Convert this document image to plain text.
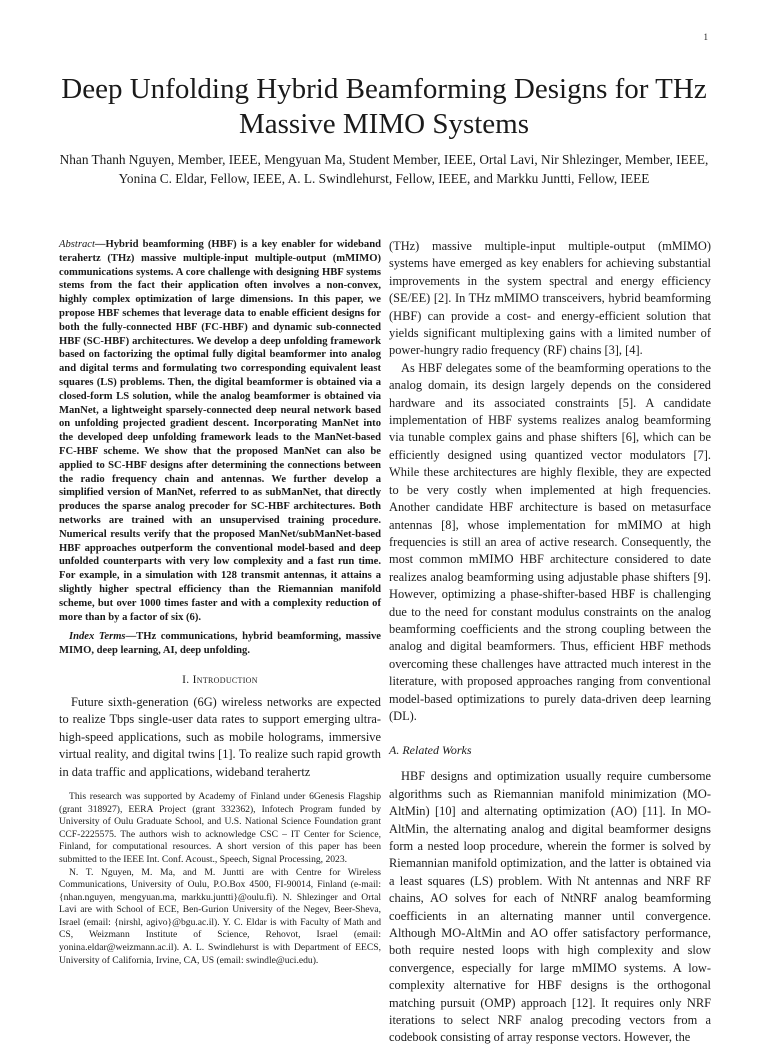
1
Deep Unfolding Hybrid Beamforming Designs for THz Massive MIMO Systems
Nhan Thanh Nguyen, Member, IEEE, Mengyuan Ma, Student Member, IEEE, Ortal Lavi, Nir Shlezinger, Member, IEEE, Yonina C. Eldar, Fellow, IEEE, A. L. Swindlehurst, Fellow, IEEE, and Markku Juntti, Fellow, IEEE

Abstract—Hybrid beamforming (HBF) is a key enabler for wideband terahertz (THz) massive multiple-input multiple-output (mMIMO) communications systems. A core challenge with designing HBF systems stems from the fact their application often involves a non-convex, highly complex optimization of large dimensions. In this paper, we propose HBF schemes that leverage data to enable efficient designs for both the fully-connected HBF (FC-HBF) and dynamic sub-connected HBF (SC-HBF) architectures. We develop a deep unfolding framework based on factorizing the optimal fully digital beamformer into analog and digital terms and formulating two corresponding equivalent least squares (LS) problems. Then, the digital beamformer is obtained via a closed-form LS solution, while the analog beamformer is obtained via ManNet, a lightweight sparsely-connected deep neural network based on unfolding projected gradient descent. Incorporating ManNet into the developed deep unfolding framework leads to the ManNet-based FC-HBF scheme. We show that the proposed ManNet can also be applied to SC-HBF designs after determining the connections between the radio frequency chain and antennas. We further develop a simplified version of ManNet, referred to as subManNet, that directly produces the sparse analog precoder for SC-HBF architectures. Both networks are trained with an unsupervised training procedure. Numerical results verify that the proposed ManNet/subManNet-based HBF approaches outperform the conventional model-based and deep unfolded counterparts with very low complexity and a fast run time. For example, in a simulation with 128 transmit antennas, it attains a slightly higher spectral efficiency than the Riemannian manifold scheme, but over 1000 times faster and with a complexity reduction of more than by a factor of six (6).

Index Terms—THz communications, hybrid beamforming, massive MIMO, deep learning, AI, deep unfolding.

I. Introduction

Future sixth-generation (6G) wireless networks are expected to realize Tbps single-user data rates to support emerging ultra-high-speed applications, such as mobile holograms, immersive virtual reality, and digital twins [1]. To realize such rapid growth in data traffic and applications, wideband terahertz

This research was supported by Academy of Finland under 6Genesis Flagship (grant 318927), EERA Project (grant 332362), Infotech Program funded by University of Oulu Graduate School, and U.S. National Science Foundation grant CCF-2225575. The authors wish to acknowledge CSC – IT Center for Science, Finland, for computational resources. A short version of this paper has been submitted to the IEEE Int. Conf. Acoust., Speech, Signal Processing, 2023.

N. T. Nguyen, M. Ma, and M. Juntti are with Centre for Wireless Communications, University of Oulu, P.O.Box 4500, FI-90014, Finland (e-mail: {nhan.nguyen, mengyuan.ma, markku.juntti}@oulu.fi). N. Shlezinger and Ortal Lavi are with School of ECE, Ben-Gurion University of the Negev, Beer-Sheva, Israel (email: {nirshl, agivo}@bgu.ac.il). Y. C. Eldar is with Faculty of Math and CS, Weizmann Institute of Science, Rehovot, Israel (email: yonina.eldar@weizmann.ac.il). A. L. Swindlehurst is with Department of EECS, University of California, Irvine, CA, US (email: swindle@uci.edu).

(THz) massive multiple-input multiple-output (mMIMO) systems have emerged as key enablers for achieving substantial improvements in the system spectral and energy efficiency (SE/EE) [2]. In THz mMIMO transceivers, hybrid beamforming (HBF) can provide a cost- and energy-efficient solution that yields significant multiplexing gains with a limited number of power-hungry radio frequency (RF) chains [3], [4].

As HBF delegates some of the beamforming operations to the analog domain, its design largely depends on the considered hardware and its associated constraints [5]. A candidate implementation of HBF systems realizes analog beamforming via tunable complex gains and phase shifters [6], which can be efficiently designed using quantized vector modulators [7]. While these architectures are highly flexible, they are expected to be very costly when implemented at high frequencies. Another candidate HBF architecture is based on metasurface antennas [8], whose implementation for mMIMO at high frequencies is still an area of active research. Consequently, the most common mMIMO HBF architecture considered to date realizes analog beamforming using adjustable phase shifters [9]. However, optimizing a phase-shifter-based HBF is challenging due to the need for constant modulus constraints on the analog beamforming coefficients and the strong coupling between the analog and digital beamformers. Thus, efficient HBF methods overcoming these challenges have attracted much interest in the literature, with proposed approaches ranging from conventional model-based optimizations to purely data-driven deep learning (DL).

A. Related Works

HBF designs and optimization usually require cumbersome algorithms such as Riemannian manifold minimization (MO-AltMin) [10] and alternating optimization (AO) [11]. In MO-AltMin, the alternating analog and digital beamformer designs form a nested loop procedure, wherein the former is solved by Riemannian manifold optimization, and the latter is obtained via a least squares (LS) problem. With Nt antennas and NRF RF chains, AO solves for each of NtNRF analog beamforming coefficients in an alternating manner until convergence. Although MO-AltMin and AO offer satisfactory performance, both require nested loops with high complexity and slow convergence, especially for large mMIMO systems. A low-complexity alternative for HBF designs is the orthogonal matching pursuit (OMP) approach [12]. It requires only NRF iterations to select NRF analog precoding vectors from a codebook consisting of array response vectors. However, the
